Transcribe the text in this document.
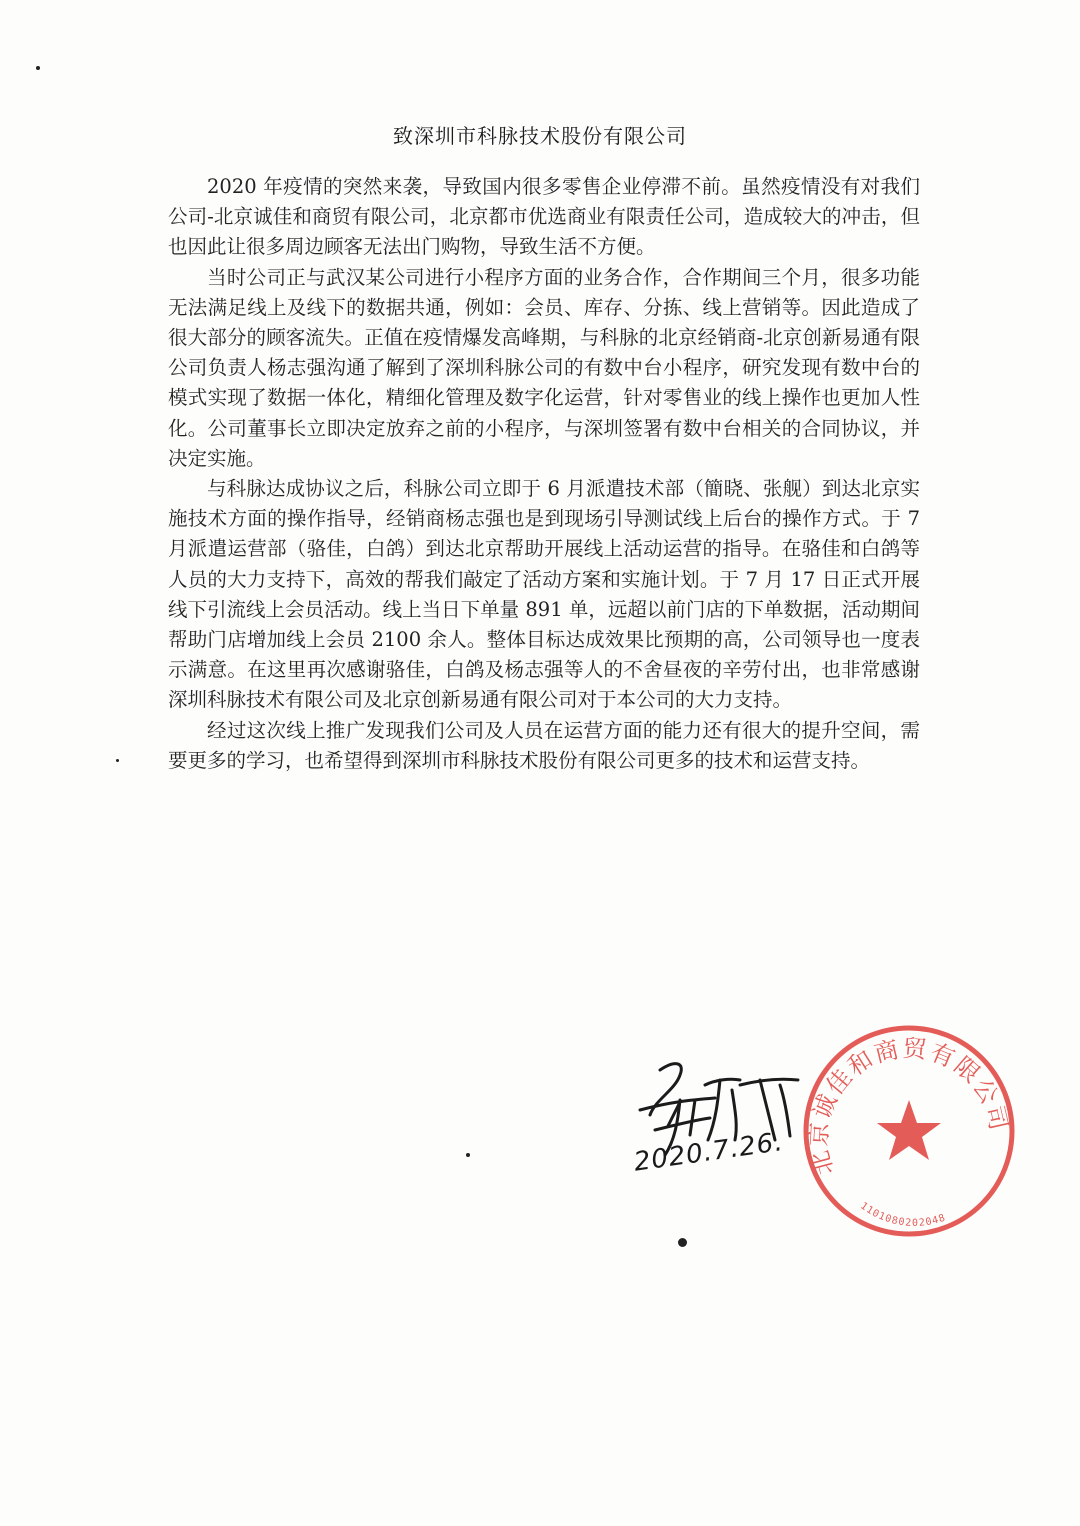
致深圳市科脉技术股份有限公司

2020 年疫情的突然来袭，导致国内很多零售企业停滞不前。虽然疫情没有对我们公司-北京诚佳和商贸有限公司，北京都市优选商业有限责任公司，造成较大的冲击，但也因此让很多周边顾客无法出门购物，导致生活不方便。

当时公司正与武汉某公司进行小程序方面的业务合作，合作期间三个月，很多功能无法满足线上及线下的数据共通，例如：会员、库存、分拣、线上营销等。因此造成了很大部分的顾客流失。正值在疫情爆发高峰期，与科脉的北京经销商-北京创新易通有限公司负责人杨志强沟通了解到了深圳科脉公司的有数中台小程序，研究发现有数中台的模式实现了数据一体化，精细化管理及数字化运营，针对零售业的线上操作也更加人性化。公司董事长立即决定放弃之前的小程序，与深圳签署有数中台相关的合同协议，并决定实施。

与科脉达成协议之后，科脉公司立即于 6 月派遣技术部（簡晓、张舰）到达北京实施技术方面的操作指导，经销商杨志强也是到现场引导测试线上后台的操作方式。于 7 月派遣运营部（骆佳，白鸽）到达北京帮助开展线上活动运营的指导。在骆佳和白鸽等人员的大力支持下，高效的帮我们敲定了活动方案和实施计划。于 7 月 17 日正式开展线下引流线上会员活动。线上当日下单量 891 单，远超以前门店的下单数据，活动期间帮助门店增加线上会员 2100 余人。整体目标达成效果比预期的高，公司领导也一度表示满意。在这里再次感谢骆佳，白鸽及杨志强等人的不舍昼夜的辛劳付出，也非常感谢深圳科脉技术有限公司及北京创新易通有限公司对于本公司的大力支持。

经过这次线上推广发现我们公司及人员在运营方面的能力还有很大的提升空间，需要更多的学习，也希望得到深圳市科脉技术股份有限公司更多的技术和运营支持。

2020.7.26. 北京诚佳和商贸有限公司
1101080202048
